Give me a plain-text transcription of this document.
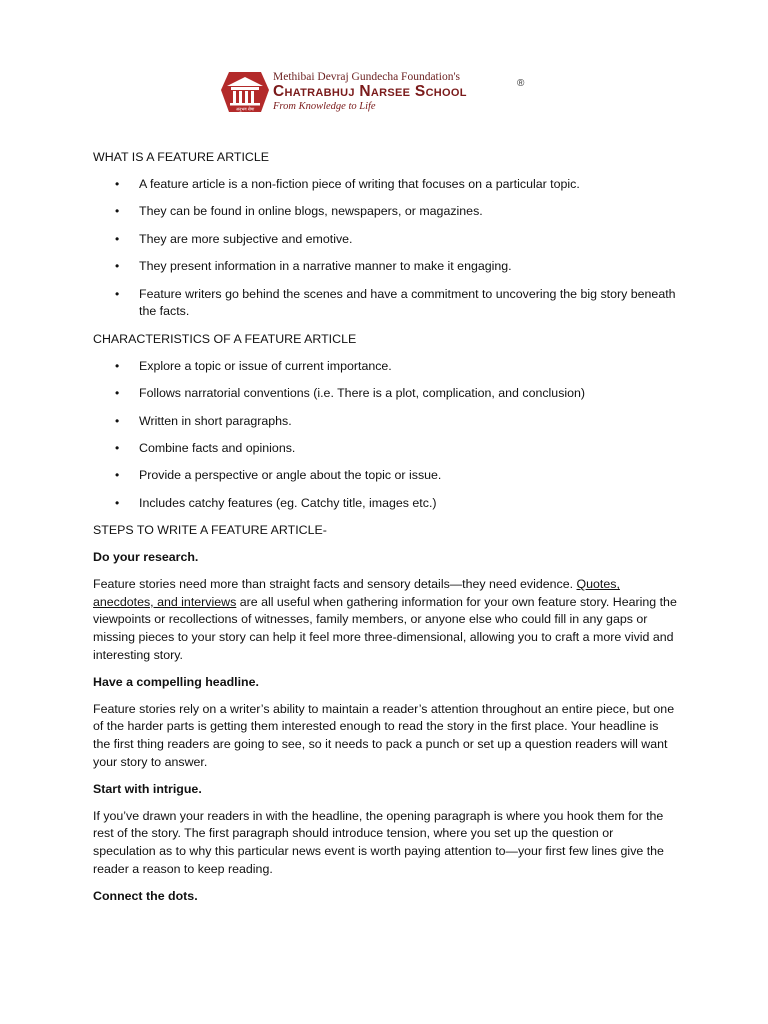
अनुभव सेवा
Methibai Devraj Gundecha Foundation's
Chatrabhuj Narsee School
From Knowledge to Life
®
WHAT IS A FEATURE ARTICLE
• A feature article is a non-fiction piece of writing that focuses on a particular topic.
• They can be found in online blogs, newspapers, or magazines.
• They are more subjective and emotive.
• They present information in a narrative manner to make it engaging.
• Feature writers go behind the scenes and have a commitment to uncovering the big story beneath the facts.
CHARACTERISTICS OF A FEATURE ARTICLE
• Explore a topic or issue of current importance.
• Follows narratorial conventions (i.e. There is a plot, complication, and conclusion)
• Written in short paragraphs.
• Combine facts and opinions.
• Provide a perspective or angle about the topic or issue.
• Includes catchy features (eg. Catchy title, images etc.)
STEPS TO WRITE A FEATURE ARTICLE-
Do your research.
Feature stories need more than straight facts and sensory details—they need evidence. Quotes, anecdotes, and interviews are all useful when gathering information for your own feature story. Hearing the viewpoints or recollections of witnesses, family members, or anyone else who could fill in any gaps or missing pieces to your story can help it feel more three-dimensional, allowing you to craft a more vivid and interesting story.
Have a compelling headline.
Feature stories rely on a writer’s ability to maintain a reader’s attention throughout an entire piece, but one of the harder parts is getting them interested enough to read the story in the first place. Your headline is the first thing readers are going to see, so it needs to pack a punch or set up a question readers will want your story to answer.
Start with intrigue.
If you’ve drawn your readers in with the headline, the opening paragraph is where you hook them for the rest of the story. The first paragraph should introduce tension, where you set up the question or speculation as to why this particular news event is worth paying attention to—your first few lines give the reader a reason to keep reading.
Connect the dots.
